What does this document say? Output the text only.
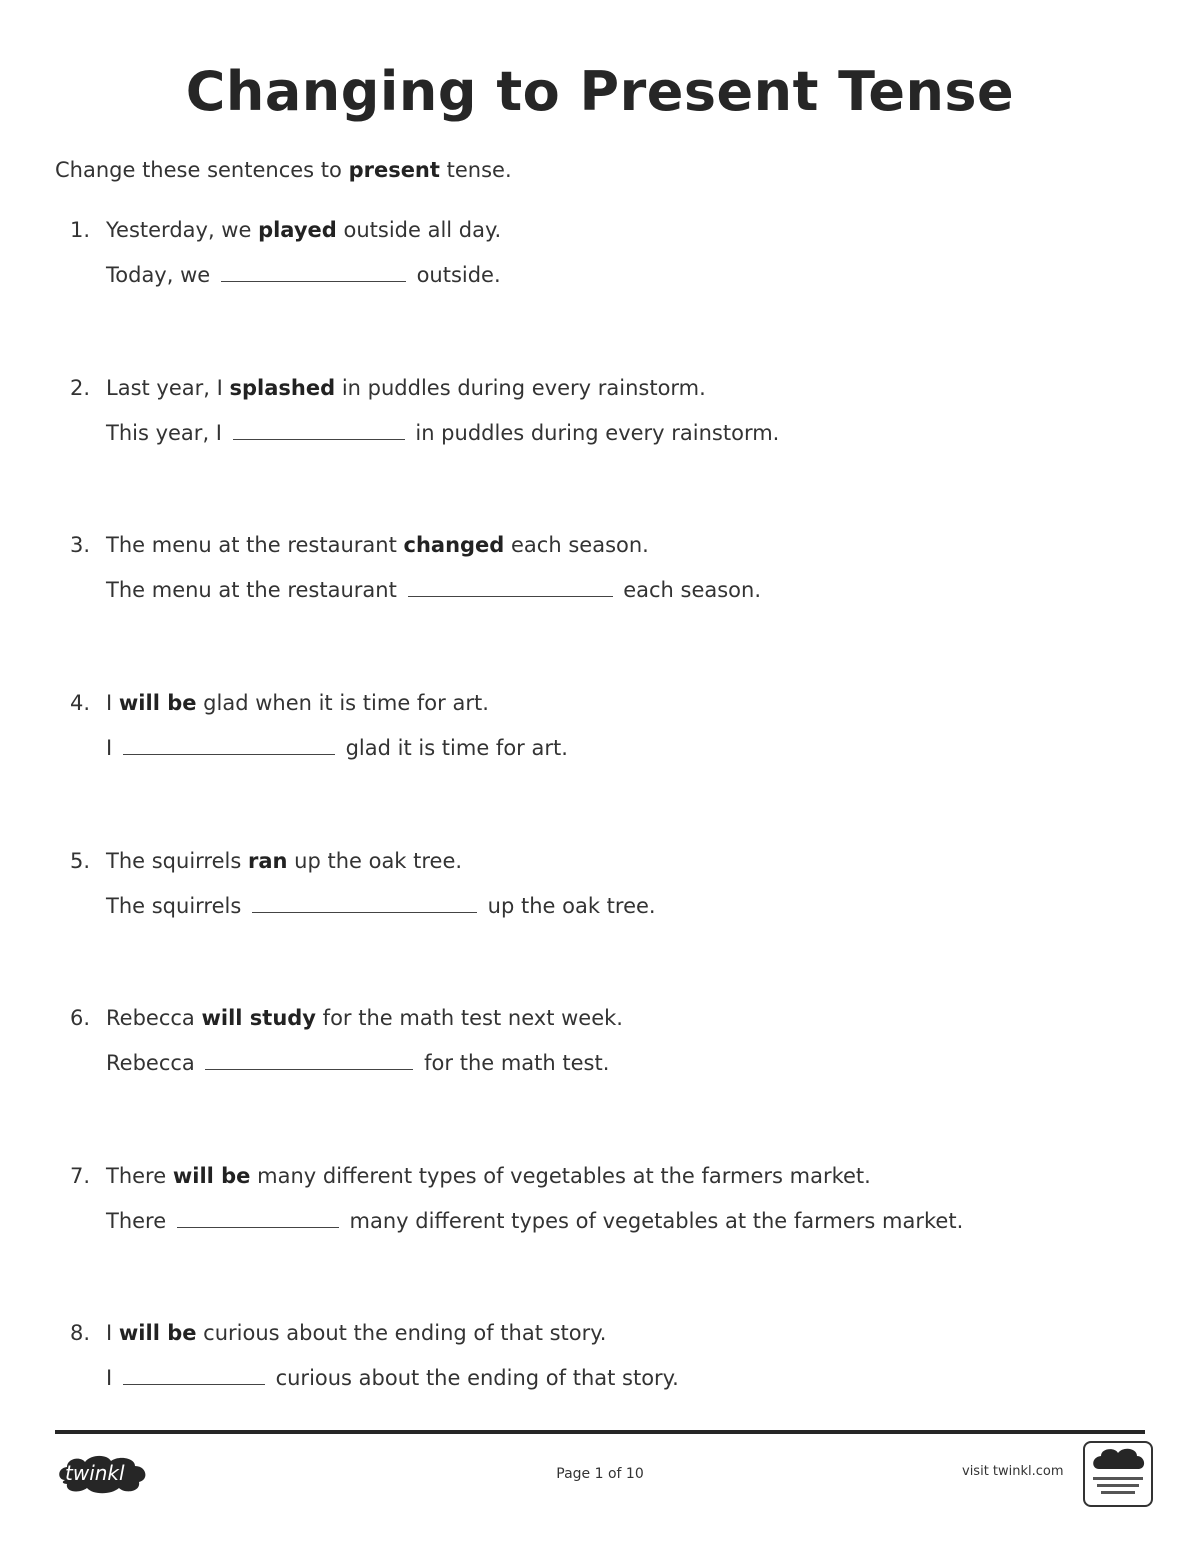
Changing to Present Tense
Change these sentences to present tense.
1. Yesterday, we played outside all day.
Today, we	outside.
2. Last year, I splashed in puddles during every rainstorm.
This year, I	in puddles during every rainstorm.
3. The menu at the restaurant changed each season.
The menu at the restaurant	each season.
4. I will be glad when it is time for art.
I	glad it is time for art.
5. The squirrels ran up the oak tree.
The squirrels	up the oak tree.
6. Rebecca will study for the math test next week.
Rebecca	for the math test.
7. There will be many different types of vegetables at the farmers market.
There	many different types of vegetables at the farmers market.
8. I will be curious about the ending of that story.
I	curious about the ending of that story.
twinkl	Page 1 of 10	visit twinkl.com
